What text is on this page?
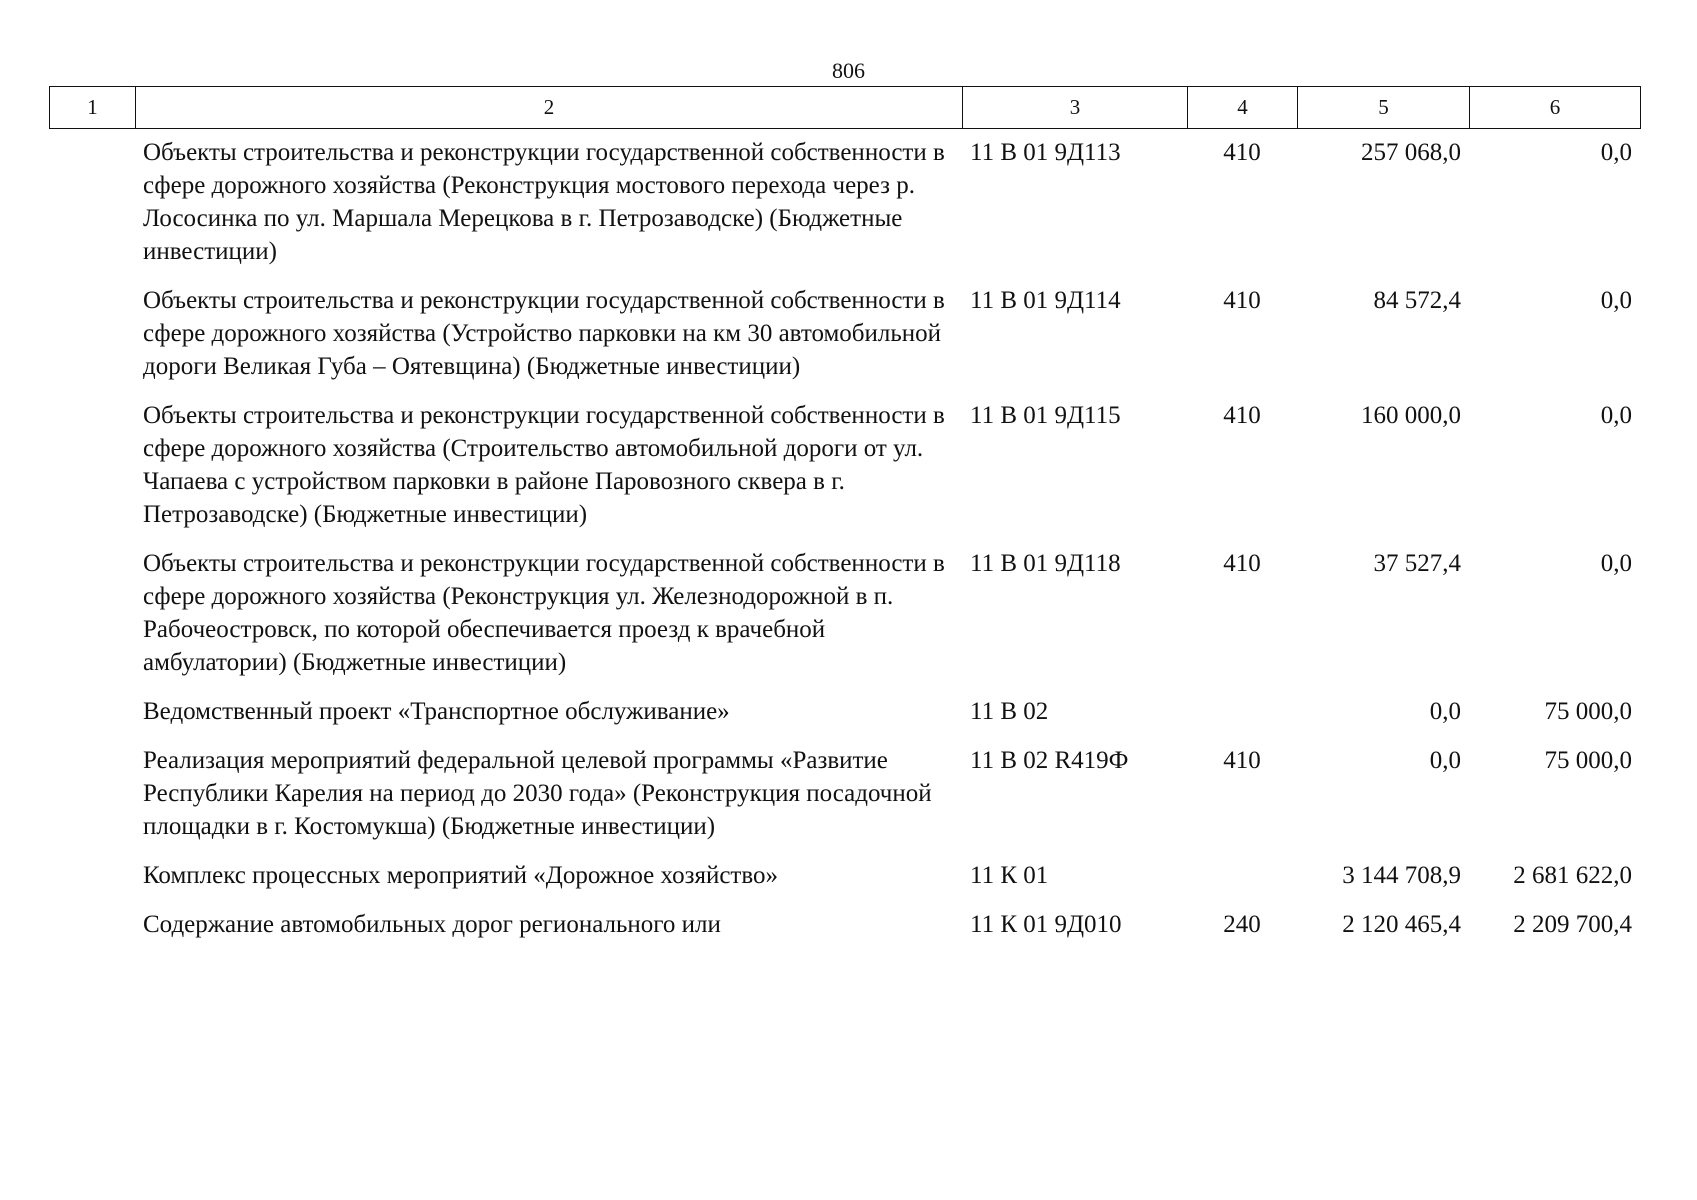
806
1	2	3	4	5	6
Объекты строительства и реконструкции государственной собственности в сфере дорожного хозяйства (Реконструкция мостового перехода через р. Лососинка по ул. Маршала Мерецкова в г. Петрозаводске) (Бюджетные инвестиции)	11 В 01 9Д113	410	257 068,0	0,0
Объекты строительства и реконструкции государственной собственности в сфере дорожного хозяйства (Устройство парковки на км 30 автомобильной дороги Великая Губа – Оятевщина) (Бюджетные инвестиции)	11 В 01 9Д114	410	84 572,4	0,0
Объекты строительства и реконструкции государственной собственности в сфере дорожного хозяйства (Строительство автомобильной дороги от ул. Чапаева с устройством парковки в районе Паровозного сквера в г. Петрозаводске) (Бюджетные инвестиции)	11 В 01 9Д115	410	160 000,0	0,0
Объекты строительства и реконструкции государственной собственности в сфере дорожного хозяйства (Реконструкция ул. Железнодорожной в п. Рабочеостровск, по которой обеспечивается проезд к врачебной амбулатории) (Бюджетные инвестиции)	11 В 01 9Д118	410	37 527,4	0,0
Ведомственный проект «Транспортное обслуживание»	11 В 02		0,0	75 000,0
Реализация мероприятий федеральной целевой программы «Развитие Республики Карелия на период до 2030 года» (Реконструкция посадочной площадки в г. Костомукша) (Бюджетные инвестиции)	11 В 02 R419Ф	410	0,0	75 000,0
Комплекс процессных мероприятий «Дорожное хозяйство»	11 К 01		3 144 708,9	2 681 622,0
Содержание автомобильных дорог регионального или	11 К 01 9Д010	240	2 120 465,4	2 209 700,4
